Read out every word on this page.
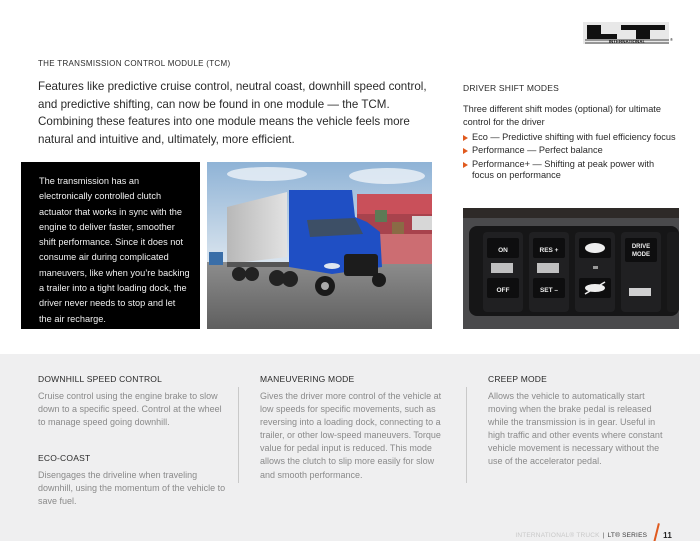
INTERNATIONAL	®
THE TRANSMISSION CONTROL MODULE (TCM)

Features like predictive cruise control, neutral coast, downhill speed control, and predictive shifting, can now be found in one module — the TCM. Combining these features into one module means the vehicle feels more natural and intuitive and, ultimately, more efficient.

The transmission has an electronically controlled clutch actuator that works in sync with the engine to deliver faster, smoother shift performance. Since it does not consume air during complicated maneuvers, like when you’re backing a trailer into a tight loading dock, the driver never needs to stop and let the air recharge.

DRIVER SHIFT MODES

Three different shift modes (optional) for ultimate control for the driver

Eco — Predictive shifting with fuel efficiency focus
Performance — Perfect balance
Performance+ — Shifting at peak power with focus on performance
ON
OFF
RES +
SET –
DRIVE
MODE
DOWNHILL SPEED CONTROL

Cruise control using the engine brake to slow down to a specific speed. Control at the wheel to manage speed going downhill.

ECO-COAST

Disengages the driveline when traveling downhill, using the momentum of the vehicle to save fuel.

MANEUVERING MODE

Gives the driver more control of the vehicle at low speeds for specific movements, such as reversing into a loading dock, connecting to a trailer, or other low-speed maneuvers. Torque value for pedal input is reduced. This mode allows the clutch to slip more easily for slow and smooth performance.

CREEP MODE

Allows the vehicle to automatically start moving when the brake pedal is released while the transmission is in gear. Useful in high traffic and other events where constant vehicle movement is necessary without the use of the accelerator pedal.

INTERNATIONAL® TRUCK | LT® SERIES 11
